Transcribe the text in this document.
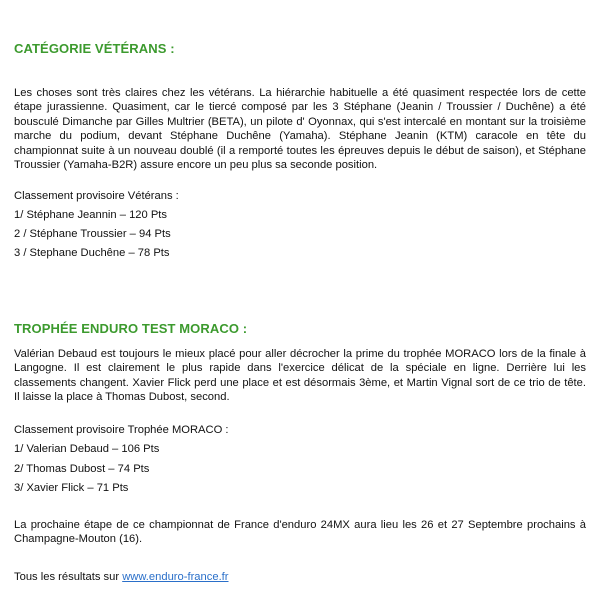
CATÉGORIE VÉTÉRANS :
Les choses sont très claires chez les vétérans. La hiérarchie habituelle a été quasiment respectée lors de cette étape jurassienne. Quasiment, car le tiercé composé par les 3 Stéphane (Jeanin / Troussier / Duchêne) a été bousculé Dimanche par Gilles Multrier (BETA), un pilote d' Oyonnax, qui s'est intercalé en montant sur la troisième marche du podium, devant Stéphane Duchêne (Yamaha). Stéphane Jeanin (KTM) caracole en tête du championnat suite à un nouveau doublé (il a remporté toutes les épreuves depuis le début de saison), et Stéphane Troussier (Yamaha-B2R) assure encore un peu plus sa seconde position.
Classement provisoire Vétérans :
1/ Stéphane Jeannin – 120 Pts
2 / Stéphane Troussier – 94 Pts
3 / Stephane Duchêne – 78 Pts
TROPHÉE ENDURO TEST MORACO :
Valérian Debaud est toujours le mieux placé pour aller décrocher la prime du trophée MORACO lors de la finale à Langogne. Il est clairement le plus rapide dans l'exercice délicat de la spéciale en ligne. Derrière lui les classements changent. Xavier Flick perd une place et est désormais 3ème, et Martin Vignal sort de ce trio de tête. Il laisse la place à Thomas Dubost, second.
Classement provisoire Trophée MORACO :
1/ Valerian Debaud – 106 Pts
2/ Thomas Dubost – 74 Pts
3/ Xavier Flick – 71 Pts
La prochaine étape de ce championnat de France d'enduro 24MX aura lieu les 26 et 27 Septembre prochains à Champagne-Mouton (16).
Tous les résultats sur www.enduro-france.fr
